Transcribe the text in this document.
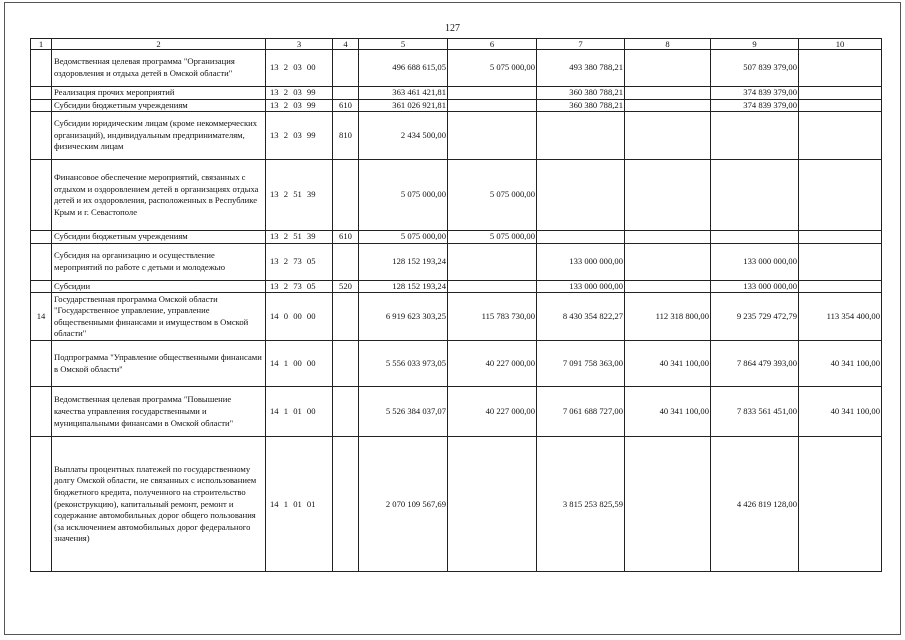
127
1	2	3	4	5	6	7	8	9	10
	Ведомственная целевая программа "Организация оздоровления и отдыха детей в Омской области"	13 2 03 00		496 688 615,05	5 075 000,00	493 380 788,21		507 839 379,00	
	Реализация прочих мероприятий	13 2 03 99		363 461 421,81		360 380 788,21		374 839 379,00	
	Субсидии бюджетным учреждениям	13 2 03 99	610	361 026 921,81		360 380 788,21		374 839 379,00	
	Субсидии юридическим лицам (кроме некоммерческих организаций), индивидуальным предпринимателям, физическим лицам	13 2 03 99	810	2 434 500,00					
	Финансовое обеспечение мероприятий, связанных с отдыхом и оздоровлением детей в организациях отдыха детей и их оздоровления, расположенных в Республике Крым и г. Севастополе	13 2 51 39		5 075 000,00	5 075 000,00				
	Субсидии бюджетным учреждениям	13 2 51 39	610	5 075 000,00	5 075 000,00				
	Субсидия на организацию и осуществление мероприятий по работе с детьми и молодежью	13 2 73 05		128 152 193,24		133 000 000,00		133 000 000,00	
	Субсидии	13 2 73 05	520	128 152 193,24		133 000 000,00		133 000 000,00	
14	Государственная программа Омской области "Государственное управление, управление общественными финансами и имуществом в Омской области"	14 0 00 00		6 919 623 303,25	115 783 730,00	8 430 354 822,27	112 318 800,00	9 235 729 472,79	113 354 400,00
	Подпрограмма "Управление общественными финансами в Омской области"	14 1 00 00		5 556 033 973,05	40 227 000,00	7 091 758 363,00	40 341 100,00	7 864 479 393,00	40 341 100,00
	Ведомственная целевая программа "Повышение качества управления государственными и муниципальными финансами в Омской области"	14 1 01 00		5 526 384 037,07	40 227 000,00	7 061 688 727,00	40 341 100,00	7 833 561 451,00	40 341 100,00
	Выплаты процентных платежей по государственному долгу Омской области, не связанных с использованием бюджетного кредита, полученного на строительство (реконструкцию), капитальный ремонт, ремонт и содержание автомобильных дорог общего пользования (за исключением автомобильных дорог федерального значения)	14 1 01 01		2 070 109 567,69		3 815 253 825,59		4 426 819 128,00	
